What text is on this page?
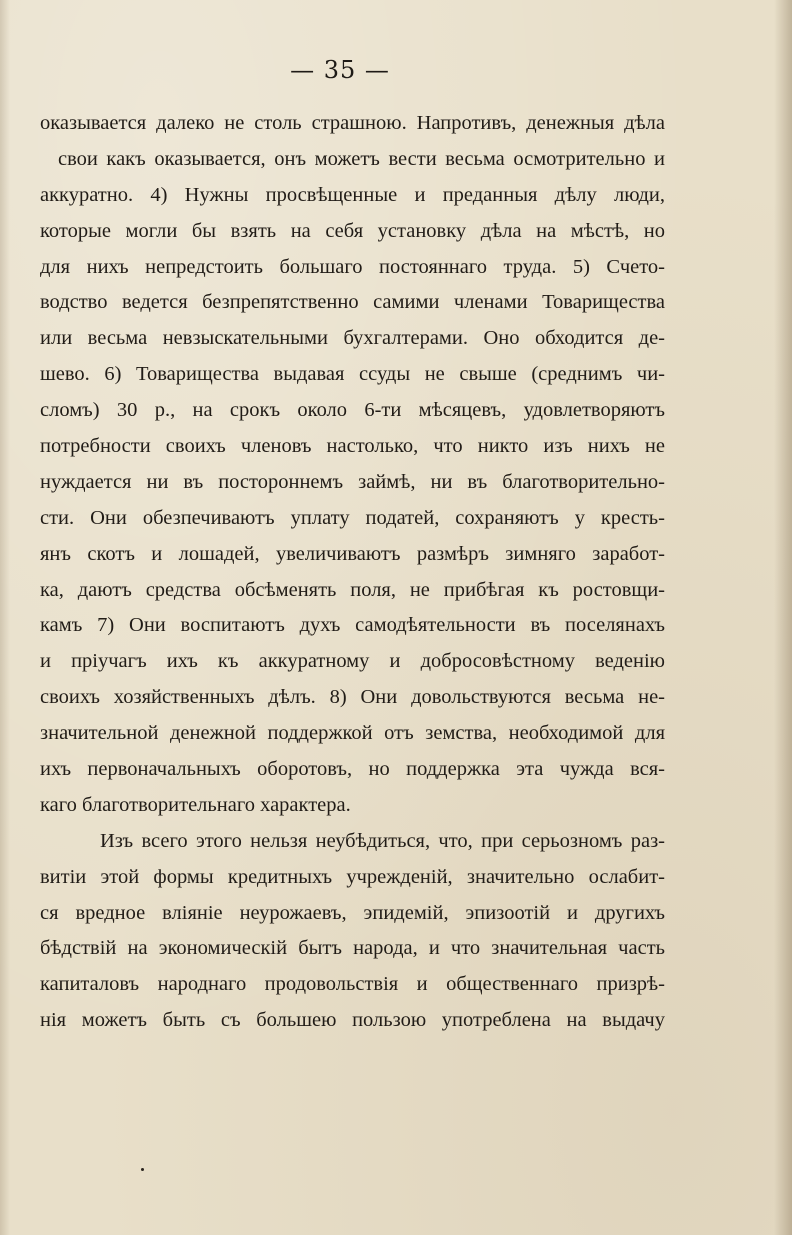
— 35 —
оказывается далеко не столь страшною. Напротивъ, денежныя дѣла
свои какъ оказывается, онъ можетъ вести весьма осмотрительно и
аккуратно. 4) Нужны просвѣщенные и преданныя дѣлу люди,
которые могли бы взять на себя установку дѣла на мѣстѣ, но
для нихъ непредстоить большаго постояннаго труда. 5) Счето-
водство ведется безпрепятственно самими членами Товарищества
или весьма невзыскательными бухгалтерами. Оно обходится де-
шево. 6) Товарищества выдавая ссуды не свыше (среднимъ чи-
сломъ) 30 р., на срокъ около 6-ти мѣсяцевъ, удовлетворяютъ
потребности своихъ членовъ настолько, что никто изъ нихъ не
нуждается ни въ постороннемъ займѣ, ни въ благотворительно-
сти. Они обезпечиваютъ уплату податей, сохраняютъ у кресть-
янъ скотъ и лошадей, увеличиваютъ размѣръ зимняго заработ-
ка, даютъ средства обсѣменять поля, не прибѣгая къ ростовщи-
камъ 7) Они воспитаютъ духъ самодѣятельности въ поселянахъ
и пріучагъ ихъ къ аккуратному и добросовѣстному веденію
своихъ хозяйственныхъ дѣлъ. 8) Они довольствуются весьма не-
значительной денежной поддержкой отъ земства, необходимой для
ихъ первоначальныхъ оборотовъ, но поддержка эта чужда вся-
каго благотворительнаго характера.
Изъ всего этого нельзя неубѣдиться, что, при серьозномъ раз-
витіи этой формы кредитныхъ учрежденій, значительно ослабит-
ся вредное вліяніе неурожаевъ, эпидемій, эпизоотій и другихъ
бѣдствій на экономическій бытъ народа, и что значительная часть
капиталовъ народнаго продовольствія и общественнаго призрѣ-
нія можетъ быть съ большею пользою употреблена на выдачу
